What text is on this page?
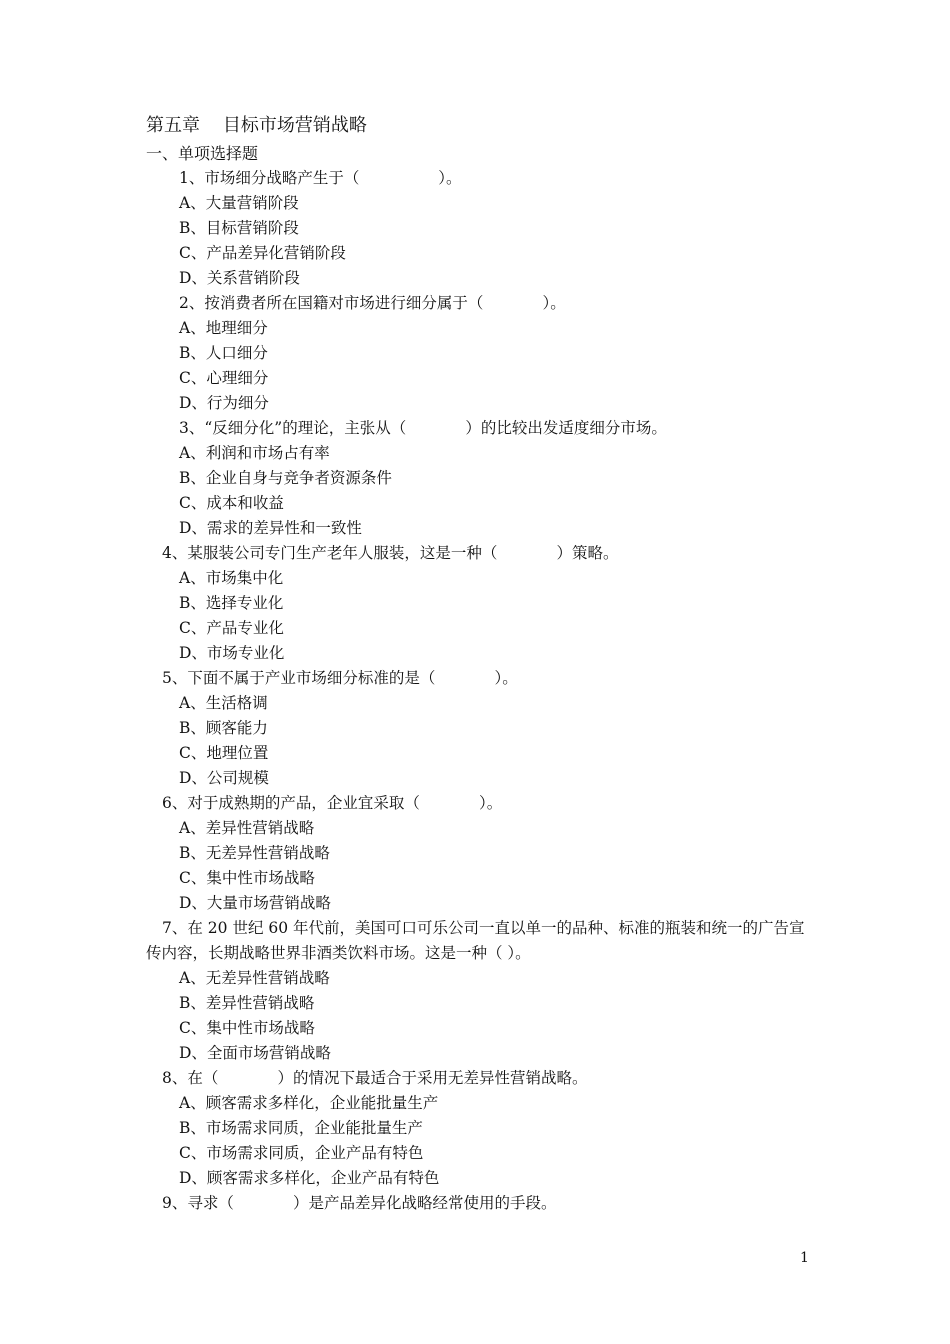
第五章    目标市场营销战略
一、单项选择题
1、市场细分战略产生于（                ）。
A、大量营销阶段
B、目标营销阶段
C、产品差异化营销阶段
D、关系营销阶段
2、按消费者所在国籍对市场进行细分属于（            ）。
A、地理细分
B、人口细分
C、心理细分
D、行为细分
3、“反细分化”的理论，主张从（            ）的比较出发适度细分市场。
A、利润和市场占有率
B、企业自身与竞争者资源条件
C、成本和收益
D、需求的差异性和一致性
4、某服装公司专门生产老年人服装，这是一种（            ）策略。
A、市场集中化
B、选择专业化
C、产品专业化
D、市场专业化
5、下面不属于产业市场细分标准的是（            ）。
A、生活格调
B、顾客能力
C、地理位置
D、公司规模
6、对于成熟期的产品，企业宜采取（            ）。
A、差异性营销战略
B、无差异性营销战略
C、集中性市场战略
D、大量市场营销战略
7、在 20 世纪 60 年代前，美国可口可乐公司一直以单一的品种、标准的瓶装和统一的广告宣传内容，长期战略世界非酒类饮料市场。这是一种（ ）。
A、无差异性营销战略
B、差异性营销战略
C、集中性市场战略
D、全面市场营销战略
8、在（            ）的情况下最适合于采用无差异性营销战略。
A、顾客需求多样化，企业能批量生产
B、市场需求同质，企业能批量生产
C、市场需求同质，企业产品有特色
D、顾客需求多样化，企业产品有特色
9、寻求（            ）是产品差异化战略经常使用的手段。
1
